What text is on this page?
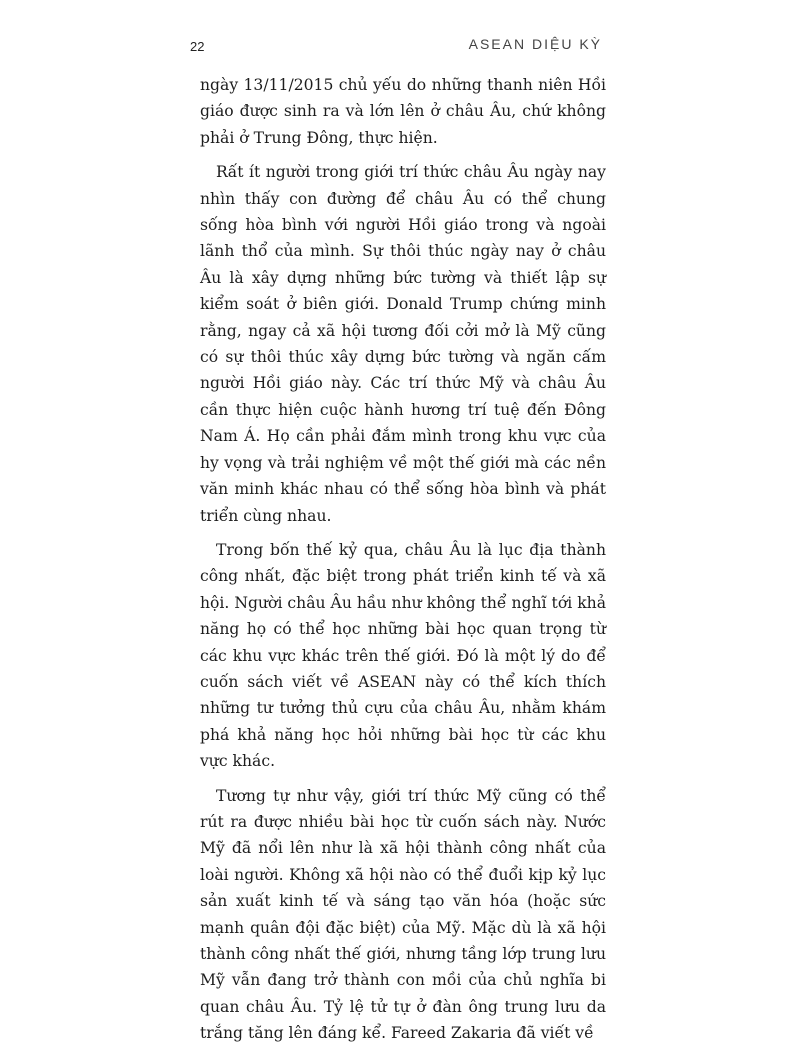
22	ASEAN DIỆU KỲ

ngày 13/11/2015 chủ yếu do những thanh niên Hồi giáo được sinh ra và lớn lên ở châu Âu, chứ không phải ở Trung Đông, thực hiện.

Rất ít người trong giới trí thức châu Âu ngày nay nhìn thấy con đường để châu Âu có thể chung sống hòa bình với người Hồi giáo trong và ngoài lãnh thổ của mình. Sự thôi thúc ngày nay ở châu Âu là xây dựng những bức tường và thiết lập sự kiểm soát ở biên giới. Donald Trump chứng minh rằng, ngay cả xã hội tương đối cởi mở là Mỹ cũng có sự thôi thúc xây dựng bức tường và ngăn cấm người Hồi giáo này. Các trí thức Mỹ và châu Âu cần thực hiện cuộc hành hương trí tuệ đến Đông Nam Á. Họ cần phải đắm mình trong khu vực của hy vọng và trải nghiệm về một thế giới mà các nền văn minh khác nhau có thể sống hòa bình và phát triển cùng nhau.

Trong bốn thế kỷ qua, châu Âu là lục địa thành công nhất, đặc biệt trong phát triển kinh tế và xã hội. Người châu Âu hầu như không thể nghĩ tới khả năng họ có thể học những bài học quan trọng từ các khu vực khác trên thế giới. Đó là một lý do để cuốn sách viết về ASEAN này có thể kích thích những tư tưởng thủ cựu của châu Âu, nhằm khám phá khả năng học hỏi những bài học từ các khu vực khác.

Tương tự như vậy, giới trí thức Mỹ cũng có thể rút ra được nhiều bài học từ cuốn sách này. Nước Mỹ đã nổi lên như là xã hội thành công nhất của loài người. Không xã hội nào có thể đuổi kịp kỷ lục sản xuất kinh tế và sáng tạo văn hóa (hoặc sức mạnh quân đội đặc biệt) của Mỹ. Mặc dù là xã hội thành công nhất thế giới, nhưng tầng lớp trung lưu Mỹ vẫn đang trở thành con mồi của chủ nghĩa bi quan châu Âu. Tỷ lệ tử tự ở đàn ông trung lưu da trắng tăng lên đáng kể. Fareed Zakaria đã viết về
